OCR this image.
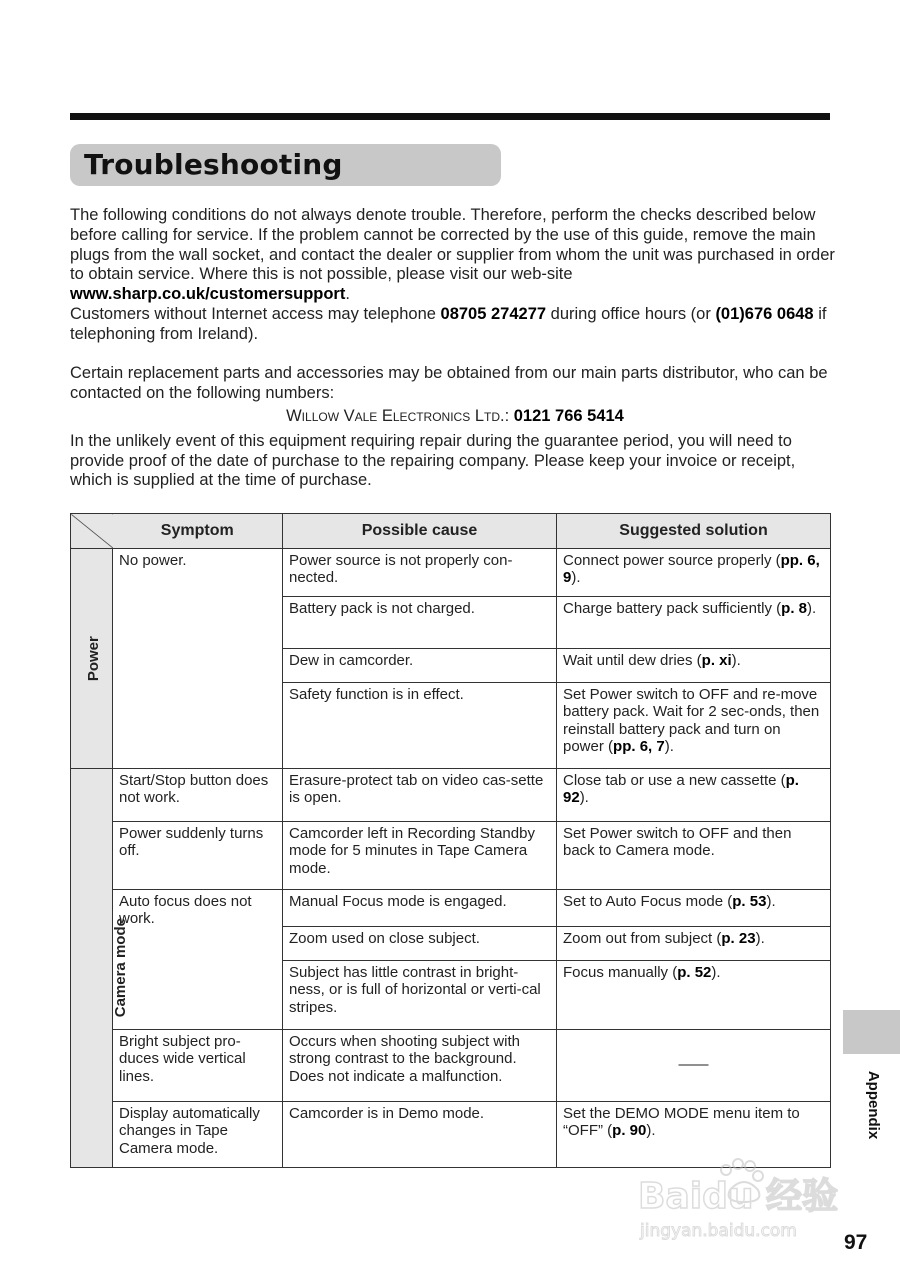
Troubleshooting

The following conditions do not always denote trouble. Therefore, perform the checks described below before calling for service. If the problem cannot be corrected by the use of this guide, remove the main plugs from the wall socket, and contact the dealer or supplier from whom the unit was purchased in order to obtain service. Where this is not possible, please visit our web-site www.sharp.co.uk/customersupport.

Customers without Internet access may telephone 08705 274277 during office hours (or (01)676 0648 if telephoning from Ireland).

Certain replacement parts and accessories may be obtained from our main parts distributor, who can be contacted on the following numbers:

Willow Vale Electronics Ltd.: 0121 766 5414

In the unlikely event of this equipment requiring repair during the guarantee period, you will need to provide proof of the date of purchase to the repairing company. Please keep your invoice or receipt, which is supplied at the time of purchase.

	Symptom	Possible cause	Suggested solution
Power	No power.	Power source is not properly con-nected.	Connect power source properly (pp. 6, 9).
		Battery pack is not charged.	Charge battery pack sufficiently (p. 8).
		Dew in camcorder.	Wait until dew dries (p. xi).
		Safety function is in effect.	Set Power switch to OFF and re-move battery pack. Wait for 2 sec-onds, then reinstall battery pack and turn on power (pp. 6, 7).
Camera mode	Start/Stop button does not work.	Erasure-protect tab on video cas-sette is open.	Close tab or use a new cassette (p. 92).
	Power suddenly turns off.	Camcorder left in Recording Standby mode for 5 minutes in Tape Camera mode.	Set Power switch to OFF and then back to Camera mode.
	Auto focus does not work.	Manual Focus mode is engaged.	Set to Auto Focus mode (p. 53).
		Zoom used on close subject.	Zoom out from subject (p. 23).
		Subject has little contrast in bright-ness, or is full of horizontal or verti-cal stripes.	Focus manually (p. 52).
	Bright subject pro-duces wide vertical lines.	Occurs when shooting subject with strong contrast to the background. Does not indicate a malfunction.	——
	Display automatically changes in Tape Camera mode.	Camcorder is in Demo mode.	Set the DEMO MODE menu item to “OFF” (p. 90).	Appendix
Baidu 经验
jingyan.baidu.com 97
